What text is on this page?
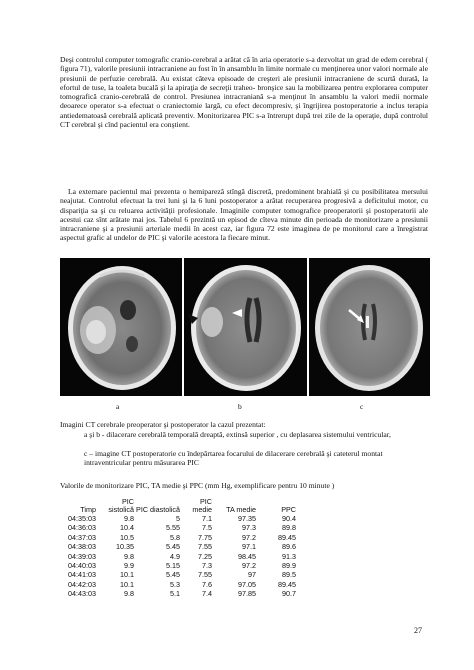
Deşi controlul computer tomografic cranio-cerebral a arătat că în aria operatorie s-a dezvoltat un grad de edem cerebral ( figura 71), valorile presiunii intracraniene au fost în în ansamblu în limite normale cu menţinerea unor valori normale ale presiunii de perfuzie cerebrală. Au existat câteva episoade de creşteri ale presiunii intracraniene de scurtă durată, la efortul de tuse, la toaleta bucală şi la apiraţia de secreţii traheo- bronşice sau la mobilizarea pentru explorarea computer tomografică cranio-cerebrală de control. Presiunea intracraniană s-a menţinut în ansamblu la valori medii normale deoarece operator s-a efectuat o craniectomie largă, cu efect decompresiv, şi îngrijirea postoperatorie a inclus terapia antiedematoasă cerebrală aplicată preventiv. Monitorizarea PIC s-a întrerupt după trei zile de la operaţie, după controlul CT cerebral şi cînd pacientul era conştient.

La externare pacientul mai prezenta o hemipareză stîngă discretă, predominent brahială şi cu posibilitatea mersului neajutat. Controlul efectuat la trei luni şi la 6 luni postoperator a arătat recuperarea progresivă a deficitului motor, cu dispariţia sa şi cu reluarea activităţii profesionale. Imaginile computer tomografice preoperatorii şi postoperatorii ale acestui caz sînt arătate mai jos. Tabelul 6 prezintă un episod de cîteva minute din perioada de monitorizare a presiunii intracraniene şi a presiunii arteriale medii în acest caz, iar figura 72 este imaginea de pe monitorul care a înregistrat aspectul grafic al undelor de PIC şi valorile acestora la fiecare minut.

a	b	c

Imagini CT cerebrale preoperator şi postoperator la cazul prezentat:

a şi b - dilacerare cerebrală temporală dreaptă, extinsă superior , cu deplasarea sistemului ventricular,

c – imagine CT postoperatorie cu îndepărtarea focarului de dilacerare cerebrală şi cateterul montat intraventricular pentru măsurarea PIC

Valorile de monitorizare PIC, TA medie şi PPC (mm Hg, exemplificare pentru 10 minute )
Timp	PIC sistolică	PIC diastolică	PIC medie	TA medie	PPC
04:35:03	9.8	5	7.1	97.35	90.4
04:36:03	10.4	5.55	7.5	97.3	89.8
04:37:03	10.5	5.8	7.75	97.2	89.45
04:38:03	10.35	5.45	7.55	97.1	89.6
04:39:03	9.8	4.9	7.25	98.45	91.3
04:40:03	9.9	5.15	7.3	97.2	89.9
04:41:03	10.1	5.45	7.55	97	89.5
04:42:03	10.1	5.3	7.6	97.05	89.45
04:43:03	9.8	5.1	7.4	97.85	90.7
27
